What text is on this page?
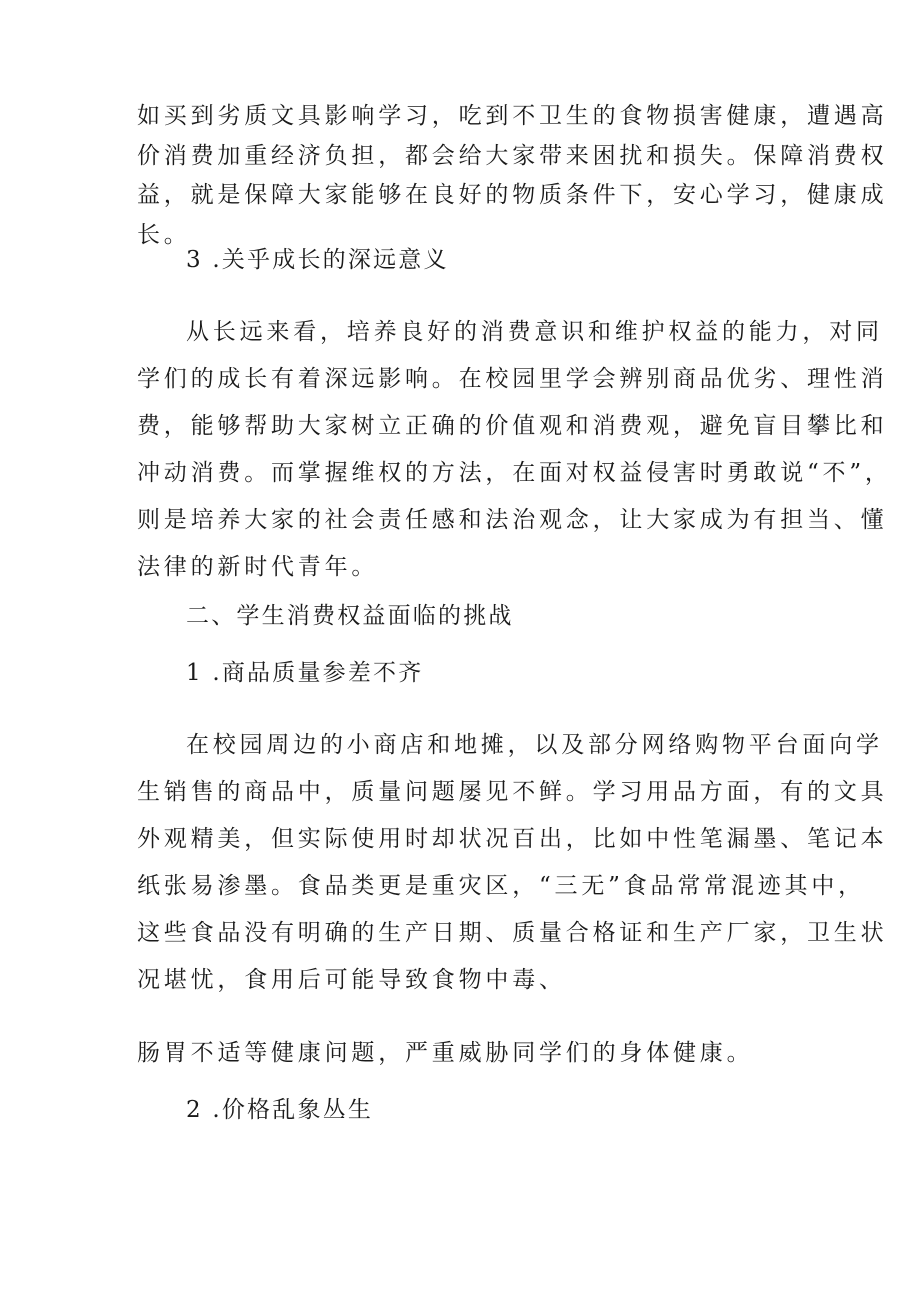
如买到劣质文具影响学习，吃到不卫生的食物损害健康，遭遇高
价消费加重经济负担，都会给大家带来困扰和损失。保障消费权
益，就是保障大家能够在良好的物质条件下，安心学习，健康成
长。
3 .关乎成长的深远意义
从长远来看，培养良好的消费意识和维护权益的能力，对同
学们的成长有着深远影响。在校园里学会辨别商品优劣、理性消
费，能够帮助大家树立正确的价值观和消费观，避免盲目攀比和
冲动消费。而掌握维权的方法，在面对权益侵害时勇敢说“不”，
则是培养大家的社会责任感和法治观念，让大家成为有担当、懂
法律的新时代青年。
二、学生消费权益面临的挑战
1 .商品质量参差不齐
在校园周边的小商店和地摊，以及部分网络购物平台面向学
生销售的商品中，质量问题屡见不鲜。学习用品方面，有的文具
外观精美，但实际使用时却状况百出，比如中性笔漏墨、笔记本
纸张易渗墨。食品类更是重灾区，“三无”食品常常混迹其中，
这些食品没有明确的生产日期、质量合格证和生产厂家，卫生状
况堪忧，食用后可能导致食物中毒、
肠胃不适等健康问题，严重威胁同学们的身体健康。
2 .价格乱象丛生
